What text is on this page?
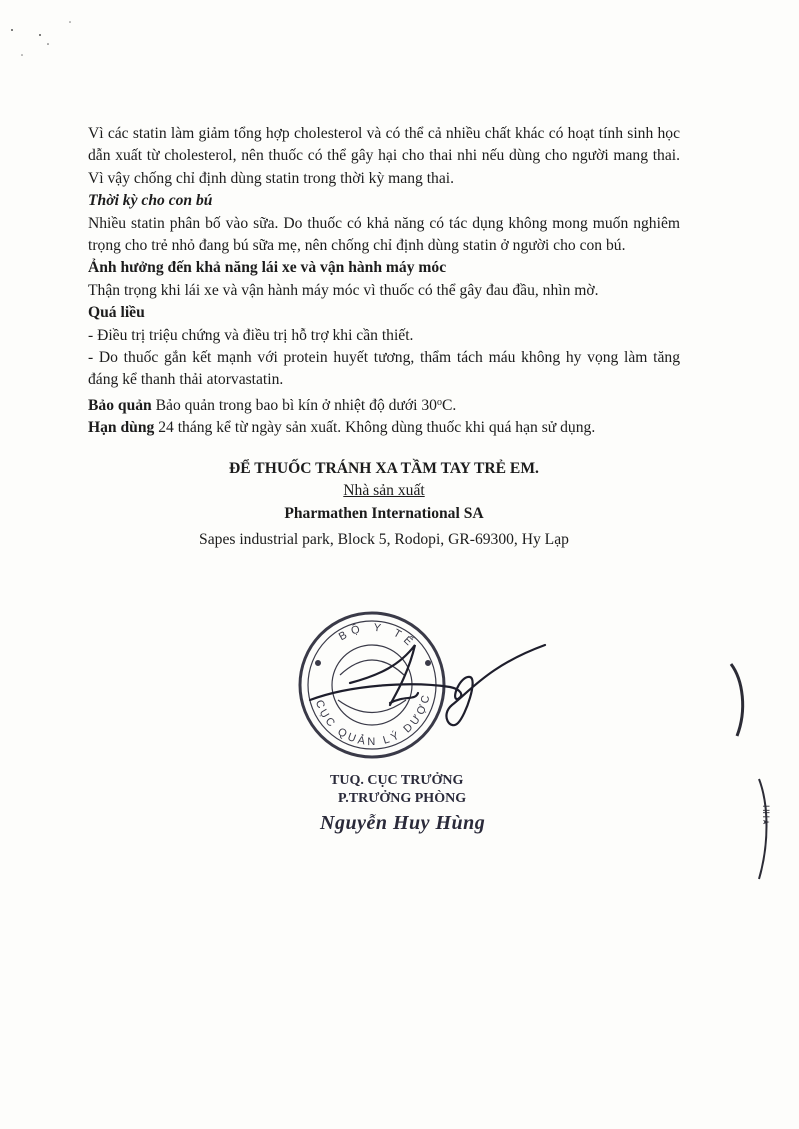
Vì các statin làm giảm tổng hợp cholesterol và có thể cả nhiều chất khác có hoạt tính sinh học dẫn xuất từ cholesterol, nên thuốc có thể gây hại cho thai nhi nếu dùng cho người mang thai. Vì vậy chống chỉ định dùng statin trong thời kỳ mang thai.

Thời kỳ cho con bú

Nhiều statin phân bố vào sữa. Do thuốc có khả năng có tác dụng không mong muốn nghiêm trọng cho trẻ nhỏ đang bú sữa mẹ, nên chống chỉ định dùng statin ở người cho con bú.

Ảnh hưởng đến khả năng lái xe và vận hành máy móc

Thận trọng khi lái xe và vận hành máy móc vì thuốc có thể gây đau đầu, nhìn mờ.

Quá liều

- Điều trị triệu chứng và điều trị hỗ trợ khi cần thiết.

- Do thuốc gắn kết mạnh với protein huyết tương, thẩm tách máu không hy vọng làm tăng đáng kể thanh thải atorvastatin.

Bảo quản Bảo quản trong bao bì kín ở nhiệt độ dưới 30$^o$C.

Hạn dùng 24 tháng kể từ ngày sản xuất. Không dùng thuốc khi quá hạn sử dụng.

ĐỂ THUỐC TRÁNH XA TẦM TAY TRẺ EM.
Nhà sản xuất
Pharmathen International SA
Sapes industrial park, Block 5, Rodopi, GR-69300, Hy Lạp
BỘ Y TẾ
CỤC QUẢN LÝ DƯỢC
TUQ. CỤC TRƯỞNG
P.TRƯỞNG PHÒNG
Nguyễn Huy Hùng	HH★
